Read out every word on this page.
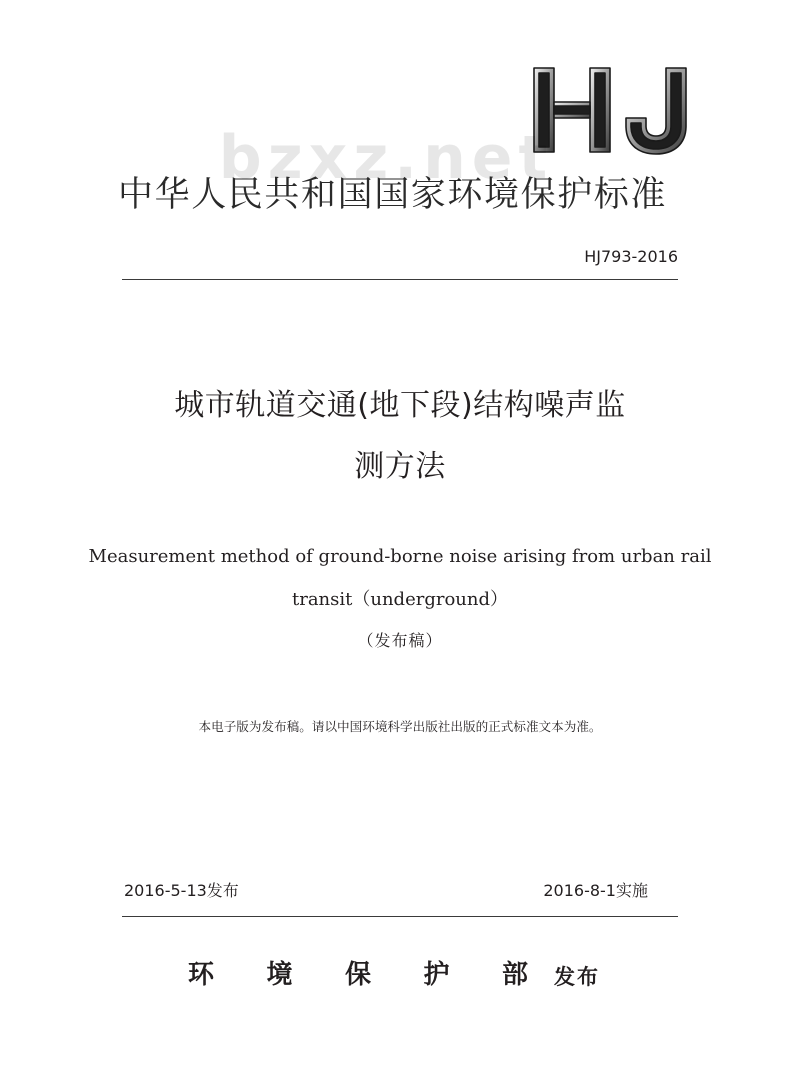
bzxz.net
中华人民共和国国家环境保护标准
HJ793-2016
城市轨道交通(地下段)结构噪声监
测方法
Measurement method of ground-borne noise arising from urban rail
transit（underground）
（发布稿）
本电子版为发布稿。请以中国环境科学出版社出版的正式标准文本为准。
2016-5-13发布	2016-8-1实施
环 境 保 护 部 发布
